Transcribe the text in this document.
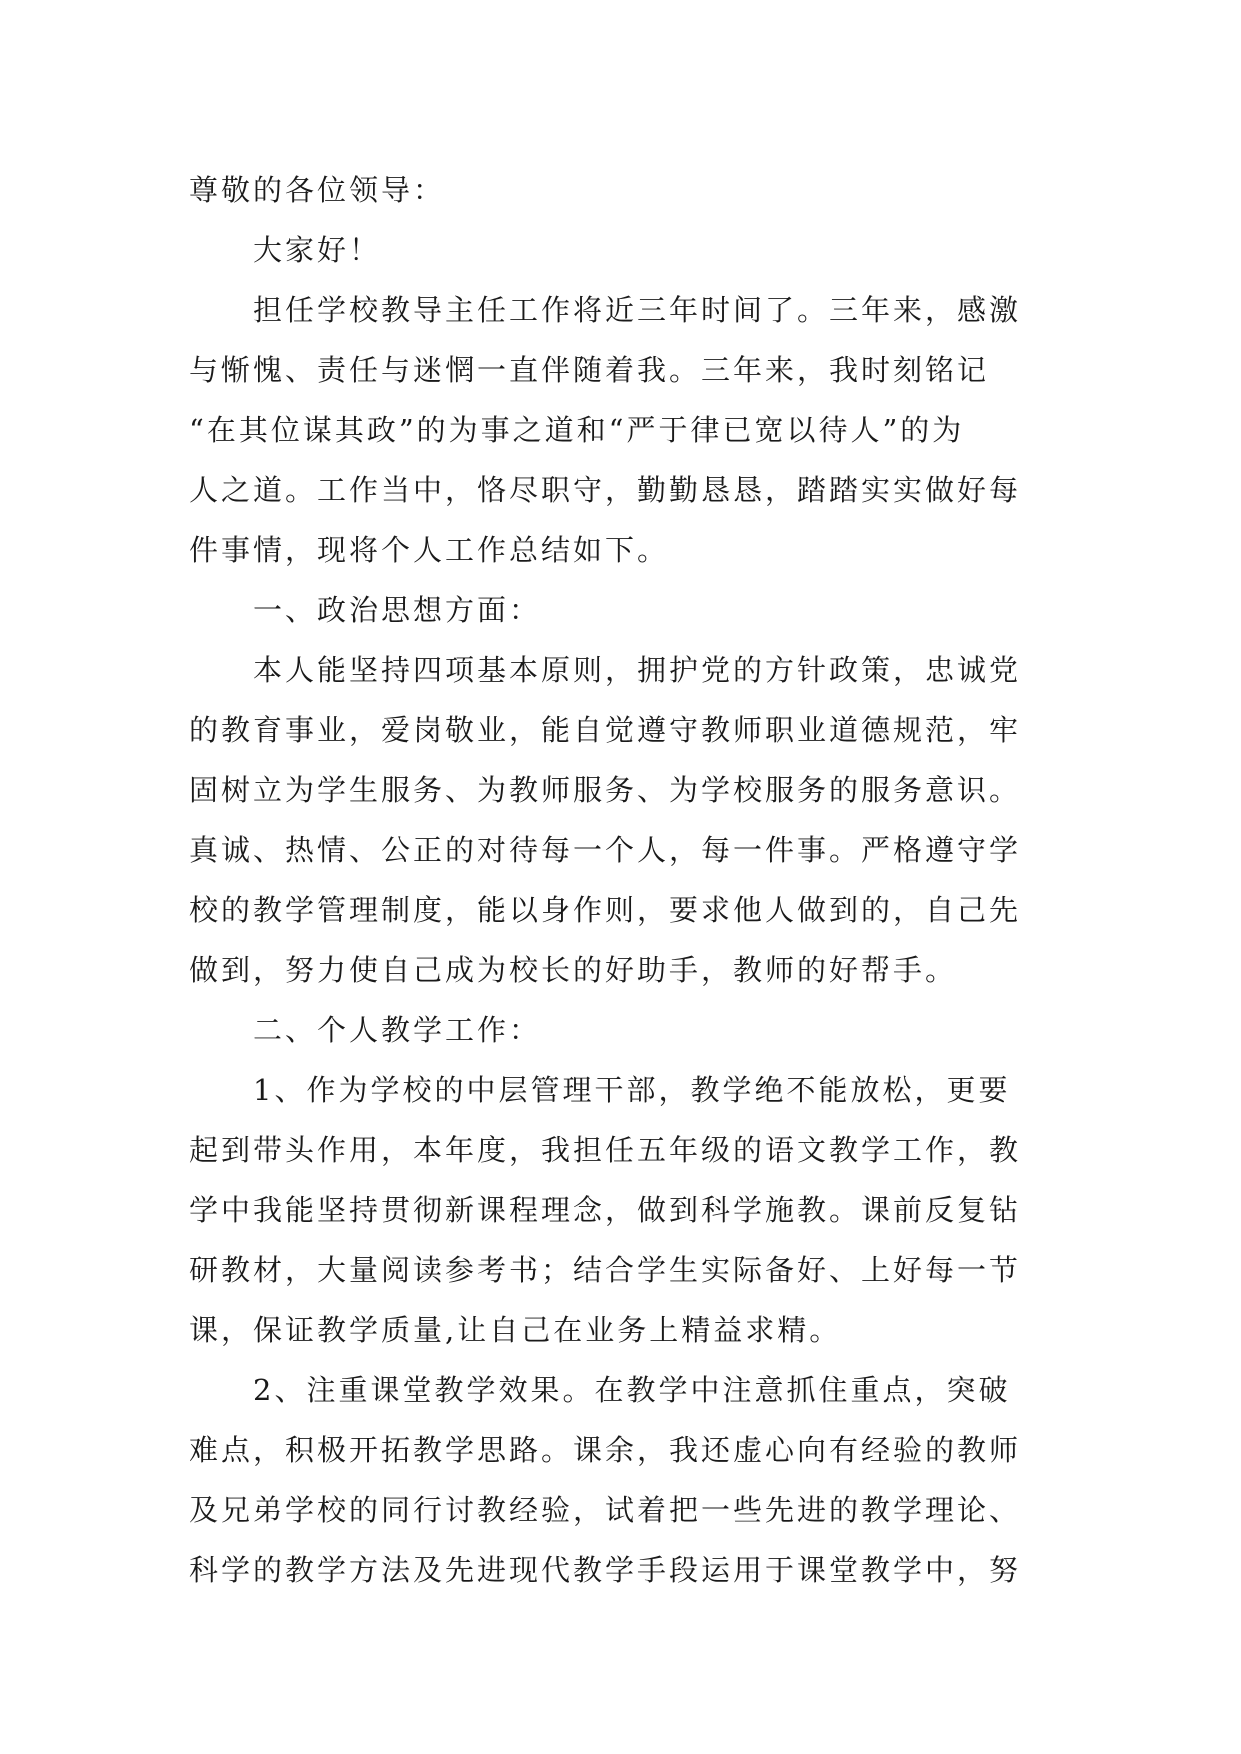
尊敬的各位领导：
大家好！
担任学校教导主任工作将近三年时间了。三年来，感激
与惭愧、责任与迷惘一直伴随着我。三年来，我时刻铭记
“在其位谋其政”的为事之道和“严于律已宽以待人”的为
人之道。工作当中，恪尽职守，勤勤恳恳，踏踏实实做好每
件事情，现将个人工作总结如下。
一、政治思想方面：
本人能坚持四项基本原则，拥护党的方针政策，忠诚党
的教育事业，爱岗敬业，能自觉遵守教师职业道德规范，牢
固树立为学生服务、为教师服务、为学校服务的服务意识。
真诚、热情、公正的对待每一个人，每一件事。严格遵守学
校的教学管理制度，能以身作则，要求他人做到的，自己先
做到，努力使自己成为校长的好助手，教师的好帮手。
二、个人教学工作：
1、作为学校的中层管理干部，教学绝不能放松，更要
起到带头作用，本年度，我担任五年级的语文教学工作，教
学中我能坚持贯彻新课程理念，做到科学施教。课前反复钻
研教材，大量阅读参考书；结合学生实际备好、上好每一节
课，保证教学质量,让自己在业务上精益求精。
2、注重课堂教学效果。在教学中注意抓住重点，突破
难点，积极开拓教学思路。课余，我还虚心向有经验的教师
及兄弟学校的同行讨教经验，试着把一些先进的教学理论、
科学的教学方法及先进现代教学手段运用于课堂教学中，努
